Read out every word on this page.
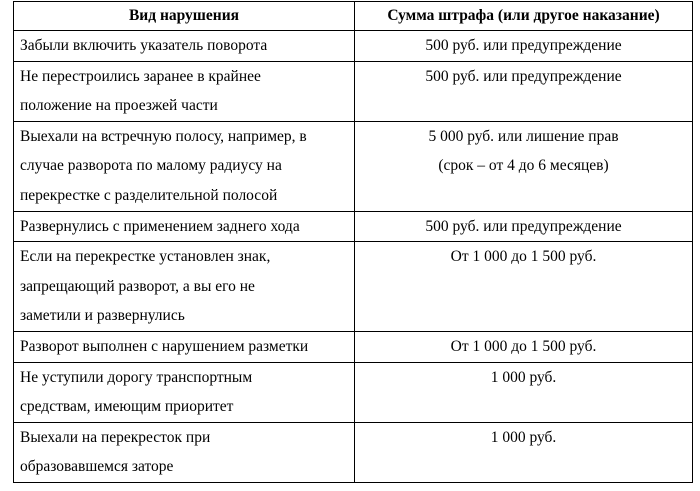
Вид нарушения	Сумма штрафа (или другое наказание)

Забыли включить указатель поворота	500 руб. или предупреждение

Не перестроились заранее в крайнее
положение на проезжей части	500 руб. или предупреждение

Выехали на встречную полосу, например, в
случае разворота по малому радиусу на
перекрестке с разделительной полосой	5 000 руб. или лишение прав
(срок – от 4 до 6 месяцев)

Развернулись с применением заднего хода	500 руб. или предупреждение

Если на перекрестке установлен знак,
запрещающий разворот, а вы его не
заметили и развернулись	От 1 000 до 1 500 руб.

Разворот выполнен с нарушением разметки	От 1 000 до 1 500 руб.

Не уступили дорогу транспортным
средствам, имеющим приоритет	1 000 руб.

Выехали на перекресток при
образовавшемся заторе	1 000 руб.
